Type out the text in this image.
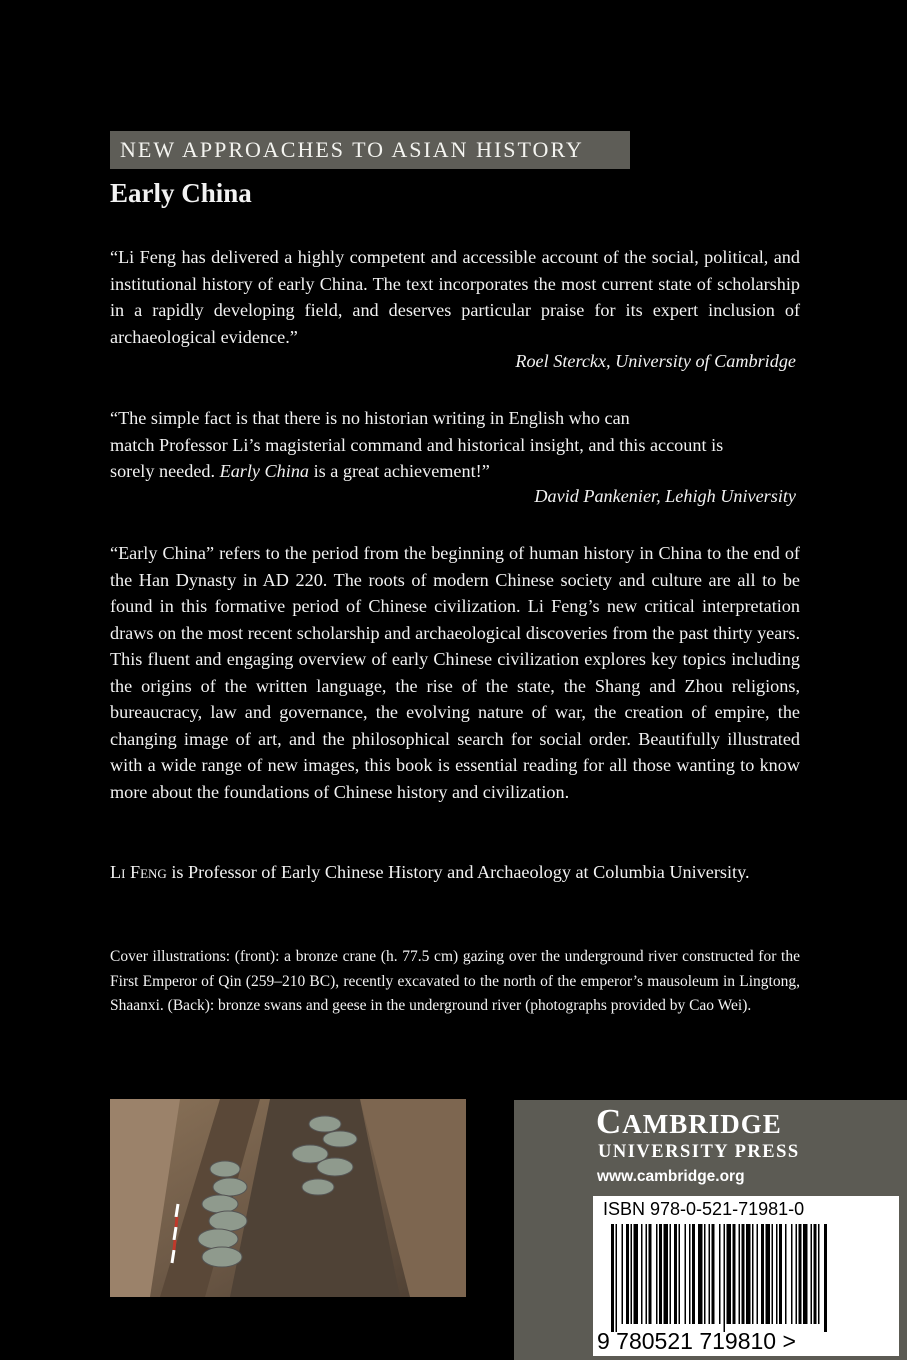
NEW APPROACHES TO ASIAN HISTORY
Early China

“Li Feng has delivered a highly competent and accessible account of the social, political, and institutional history of early China. The text incorporates the most current state of scholarship in a rapidly developing field, and deserves particular praise for its expert inclusion of archaeological evidence.”

Roel Sterckx, University of Cambridge

“The simple fact is that there is no historian writing in English who can
match Professor Li’s magisterial command and historical insight, and this account is
sorely needed. Early China is a great achievement!”

David Pankenier, Lehigh University

“Early China” refers to the period from the beginning of human history in China to the end of the Han Dynasty in AD 220. The roots of modern Chinese society and culture are all to be found in this formative period of Chinese civilization. Li Feng’s new critical interpretation draws on the most recent scholarship and archaeological discoveries from the past thirty years. This fluent and engaging overview of early Chinese civilization explores key topics including the origins of the written language, the rise of the state, the Shang and Zhou religions, bureaucracy, law and governance, the evolving nature of war, the creation of empire, the changing image of art, and the philosophical search for social order. Beautifully illustrated with a wide range of new images, this book is essential reading for all those wanting to know more about the foundations of Chinese history and civilization.

Li Feng is Professor of Early Chinese History and Archaeology at Columbia University.

Cover illustrations: (front): a bronze crane (h. 77.5 cm) gazing over the underground river constructed for the First Emperor of Qin (259–210 BC), recently excavated to the north of the emperor’s mausoleum in Lingtong, Shaanxi. (Back): bronze swans and geese in the underground river (photographs provided by Cao Wei).

CAMBRIDGE
UNIVERSITY PRESS
www.cambridge.org
ISBN 978-0-521-71981-0
9 780521 719810 >
